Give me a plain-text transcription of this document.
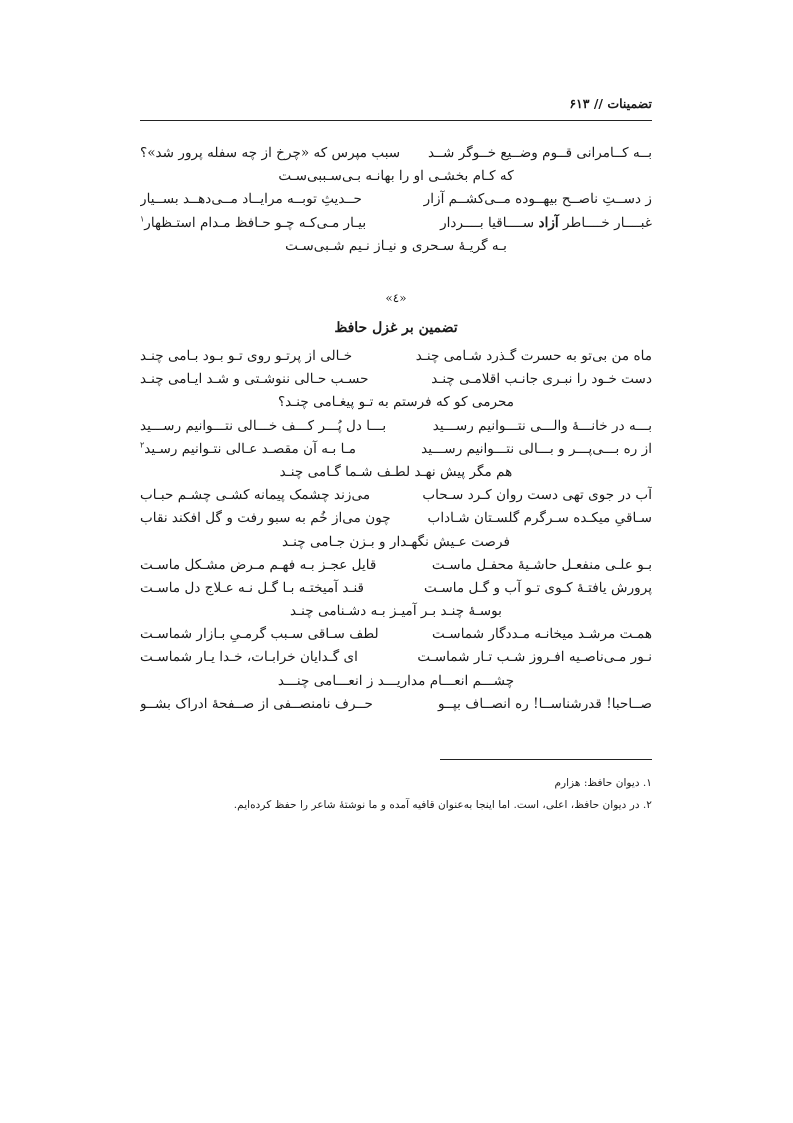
تضمینات // ۶۱۳
بــه کــامرانی قــوم وضــیع خــوگر شــد
سبب مپرس که «چرخ از چه سفله پرور شد»؟
که کـام بخشـی او را بهانـه بـی‌سـببی‌سـت
ز دســتِ ناصــح بیهــوده مــی‌کشــم آزار
حــدیثِ توبــه مرایــاد مــی‌دهــد بســیار
غبــــار خــــاطر آزاد ســــاقیا بــــردار
بیـار مـی‌کـه چـو حـافظ مـدام استـظهار$^۱$
بـه گریـهٔ سـحری و نیـاز نـیم شـبی‌سـت
«٤»
تضمین بر غزل حافظ
ماه من بی‌تو به حسرت گـذرد شـامی چنـد
خـالی از پرتـو روی تـو بـود بـامی چنـد
دست خـود را نبـری جانـب اقلامـی چنـد
حسـب حـالی ننوشـتی و شـد ایـامی چنـد
محرمی کو که فرستم به تـو پیغـامی چنـد؟
بـــه در خانـــهٔ والـــی نتـــوانیم رســـید
بـــا دل پُـــر کـــف خـــالی نتـــوانیم رســـید
از ره بـــی‌پـــر و بـــالی نتـــوانیم رســـید
مـا بـه آن مقصـد عـالی نتـوانیم رسـید$^۲$
هم مگر پیش نهـد لطـف شـما گـامی چنـد
آب در جوی تهی دست روان کـرد سـحاب
می‌زند چشمک پیمانه کشـی چشـم حبـاب
سـاقیِ میکـده سـرگرم گلسـتان شـاداب
چون می‌از خُم به سبو رفت و گل افکند نقاب
فرصت عـیش نگهـدار و بـزن جـامی چنـد
بـو علـی منفعـل حاشـیهٔ محفـل ماسـت
قایل عجـز بـه فهـم مـرض مشـکل ماسـت
پرورش یافتـهٔ کـوی تـو آب و گـل ماسـت
قنـد آمیختـه بـا گـل نـه عـلاج دل ماسـت
بوسـهٔ چنـد بـر آمیـز بـه دشـنامی چنـد
همـت مرشـد میخانـه مـددگار شماسـت
لطف سـاقی سـبب گرمـیِ بـازار شماسـت
نـور مـی‌ناصـیه افـروز شـب تـار شماسـت
ای گـدایان خرابـات، خـدا یـار شماسـت
چشـــم انعـــام مداریـــد ز انعـــامی چنـــد
صــاحبا! قدرشناســا! ره انصــاف بپــو
حــرف نامنصــفی از صــفحهٔ ادراک بشــو
۱. دیوان حافظ: هزارم
۲. در دیوان حافظ، اعلی، است. اما اینجا به‌عنوان قافیه آمده و ما نوشتهٔ شاعر را حفظ کرده‌ایم.
